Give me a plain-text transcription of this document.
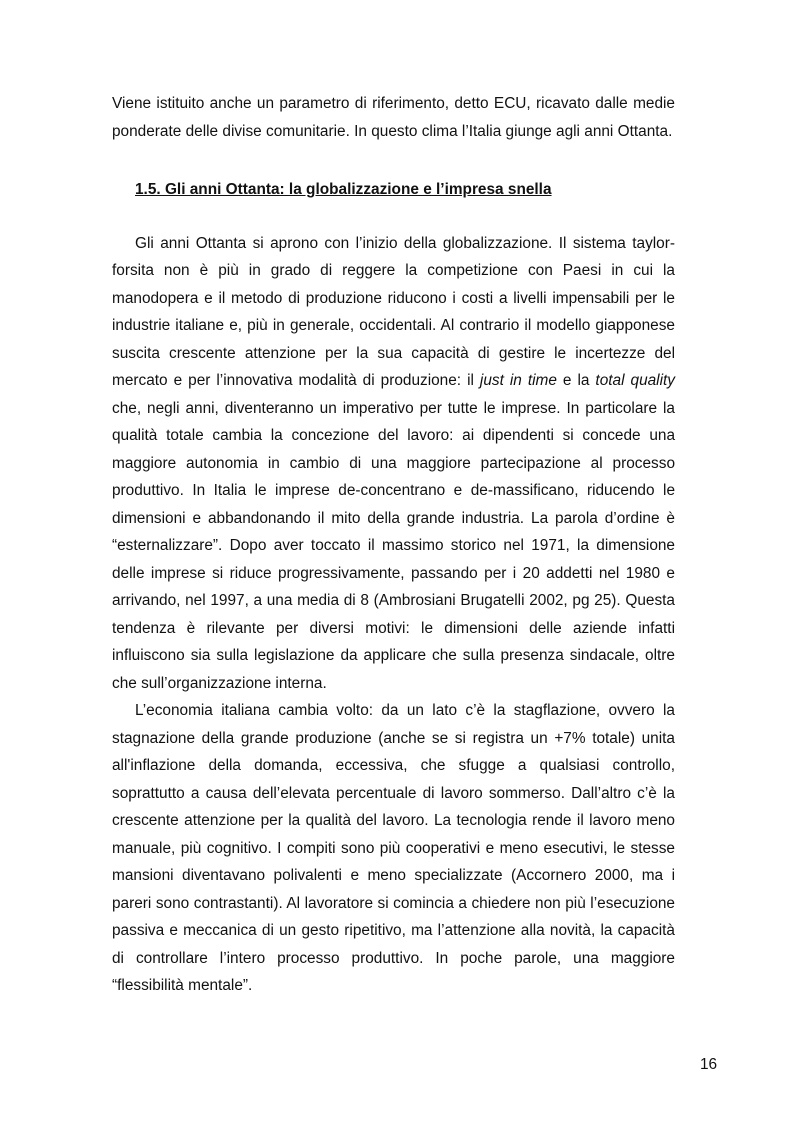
Viene istituito anche un parametro di riferimento, detto ECU, ricavato dalle medie ponderate delle divise comunitarie. In questo clima l’Italia giunge agli anni Ottanta.

1.5. Gli anni Ottanta: la globalizzazione e l’impresa snella

Gli anni Ottanta si aprono con l’inizio della globalizzazione. Il sistema taylor-forsita non è più in grado di reggere la competizione con Paesi in cui la manodopera e il metodo di produzione riducono i costi a livelli impensabili per le industrie italiane e, più in generale, occidentali. Al contrario il modello giapponese suscita crescente attenzione per la sua capacità di gestire le incertezze del mercato e per l’innovativa modalità di produzione: il just in time e la total quality che, negli anni, diventeranno un imperativo per tutte le imprese. In particolare la qualità totale cambia la concezione del lavoro: ai dipendenti si concede una maggiore autonomia in cambio di una maggiore partecipazione al processo produttivo. In Italia le imprese de-concentrano e de-massificano, riducendo le dimensioni e abbandonando il mito della grande industria. La parola d’ordine è “esternalizzare”. Dopo aver toccato il massimo storico nel 1971, la dimensione delle imprese si riduce progressivamente, passando per i 20 addetti nel 1980 e arrivando, nel 1997, a una media di 8 (Ambrosiani Brugatelli 2002, pg 25). Questa tendenza è rilevante per diversi motivi: le dimensioni delle aziende infatti influiscono sia sulla legislazione da applicare che sulla presenza sindacale, oltre che sull’organizzazione interna.

L’economia italiana cambia volto: da un lato c’è la stagflazione, ovvero la stagnazione della grande produzione (anche se si registra un +7% totale) unita all'inflazione della domanda, eccessiva, che sfugge a qualsiasi controllo, soprattutto a causa dell’elevata percentuale di lavoro sommerso. Dall’altro c’è la crescente attenzione per la qualità del lavoro. La tecnologia rende il lavoro meno manuale, più cognitivo. I compiti sono più cooperativi e meno esecutivi, le stesse mansioni diventavano polivalenti e meno specializzate (Accornero 2000, ma i pareri sono contrastanti). Al lavoratore si comincia a chiedere non più l’esecuzione passiva e meccanica di un gesto ripetitivo, ma l’attenzione alla novità, la capacità di controllare l’intero processo produttivo. In poche parole, una maggiore “flessibilità mentale”.

16
